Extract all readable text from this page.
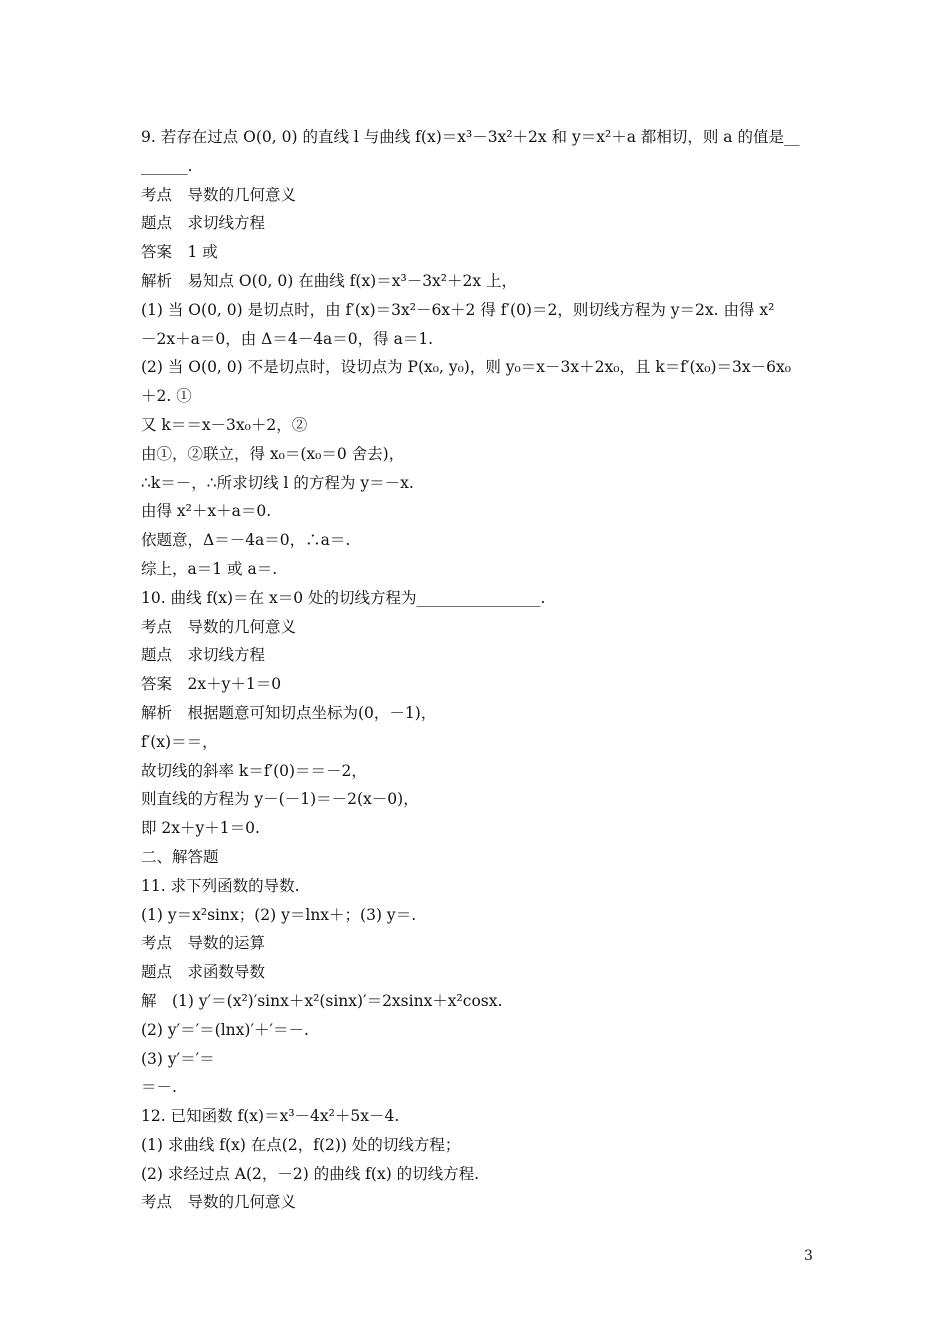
9. 若存在过点 O(0, 0) 的直线 l 与曲线 f(x)＝x³－3x²＋2x 和 y＝x²＋a 都相切，则 a 的值是__
______.
考点　导数的几何意义
题点　求切线方程
答案　1 或
解析　易知点 O(0, 0) 在曲线 f(x)＝x³－3x²＋2x 上，
(1) 当 O(0, 0) 是切点时，由 f′(x)＝3x²－6x＋2 得 f′(0)＝2，则切线方程为 y＝2x. 由得 x²
－2x＋a＝0，由 Δ＝4－4a＝0，得 a＝1.
(2) 当 O(0, 0) 不是切点时，设切点为 P(x₀, y₀)，则 y₀＝x－3x＋2x₀，且 k＝f′(x₀)＝3x－6x₀
＋2. ①
又 k＝＝x－3x₀＋2，②
由①，②联立，得 x₀＝(x₀＝0 舍去)，
∴k＝－，∴所求切线 l 的方程为 y＝－x.
由得 x²＋x＋a＝0.
依题意，Δ＝－4a＝0，∴a＝.
综上，a＝1 或 a＝.
10. 曲线 f(x)＝在 x＝0 处的切线方程为________________.
考点　导数的几何意义
题点　求切线方程
答案　2x＋y＋1＝0
解析　根据题意可知切点坐标为(0，－1)，
f′(x)＝＝，
故切线的斜率 k＝f′(0)＝＝－2，
则直线的方程为 y－(－1)＝－2(x－0)，
即 2x＋y＋1＝0.
二、解答题
11. 求下列函数的导数.
(1) y＝x²sinx；(2) y＝lnx＋；(3) y＝.
考点　导数的运算
题点　求函数导数
解　(1) y′＝(x²)′sinx＋x²(sinx)′＝2xsinx＋x²cosx.
(2) y′＝′＝(lnx)′＋′＝－.
(3) y′＝′＝
＝－.
12. 已知函数 f(x)＝x³－4x²＋5x－4.
(1) 求曲线 f(x) 在点(2，f(2)) 处的切线方程；
(2) 求经过点 A(2，－2) 的曲线 f(x) 的切线方程.
考点　导数的几何意义
3
